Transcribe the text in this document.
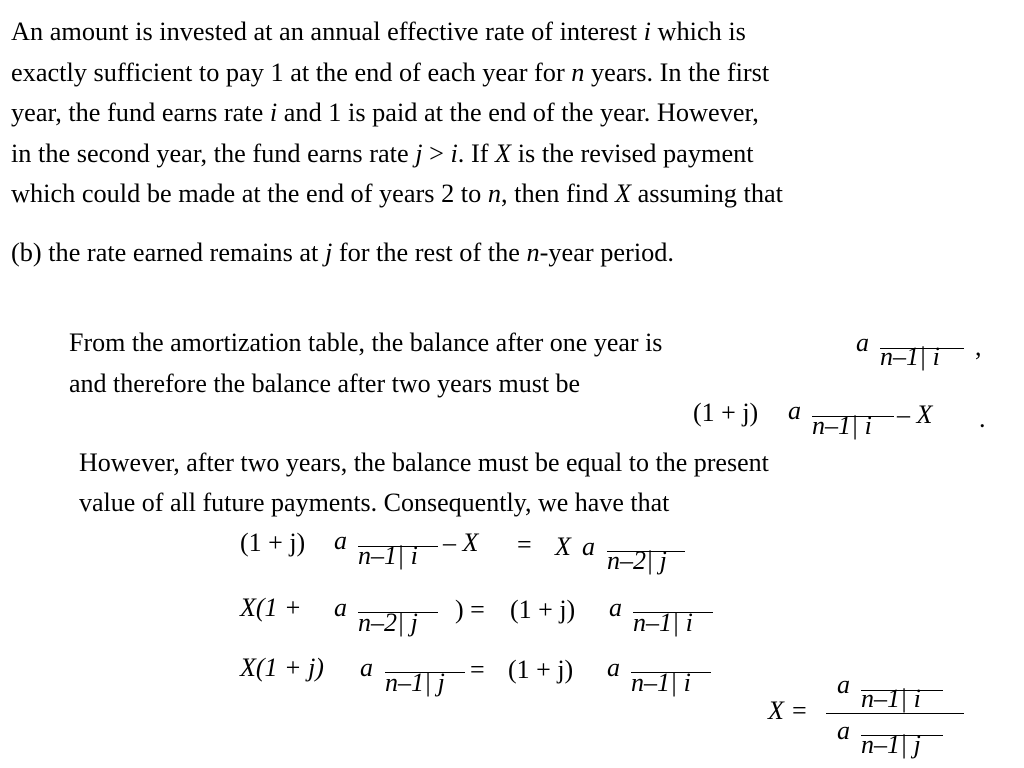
An amount is invested at an annual effective rate of interest i which is
exactly sufficient to pay 1 at the end of each year for n years. In the first
year, the fund earns rate i and 1 is paid at the end of the year. However,
in the second year, the fund earns rate j > i. If X is the revised payment
which could be made at the end of years 2 to n, then find X assuming that
(b) the rate earned remains at j for the rest of the n-year period.
From the amortization table, the balance after one year is	a n–1| i ,
and therefore the balance after two years must be
(1 + j) a
n–1| i – X .
However, after two years, the balance must be equal to the present
value of all future payments. Consequently, we have that
(1 + j) a
n–1| i – X = X a n–2| j
X(1 + a
n–2| j ) = (1 + j) a
n–1| i
X(1 + j) a
n–1| j = (1 + j) a
n–1| i
X =
a n–1| i
a n–1| j
